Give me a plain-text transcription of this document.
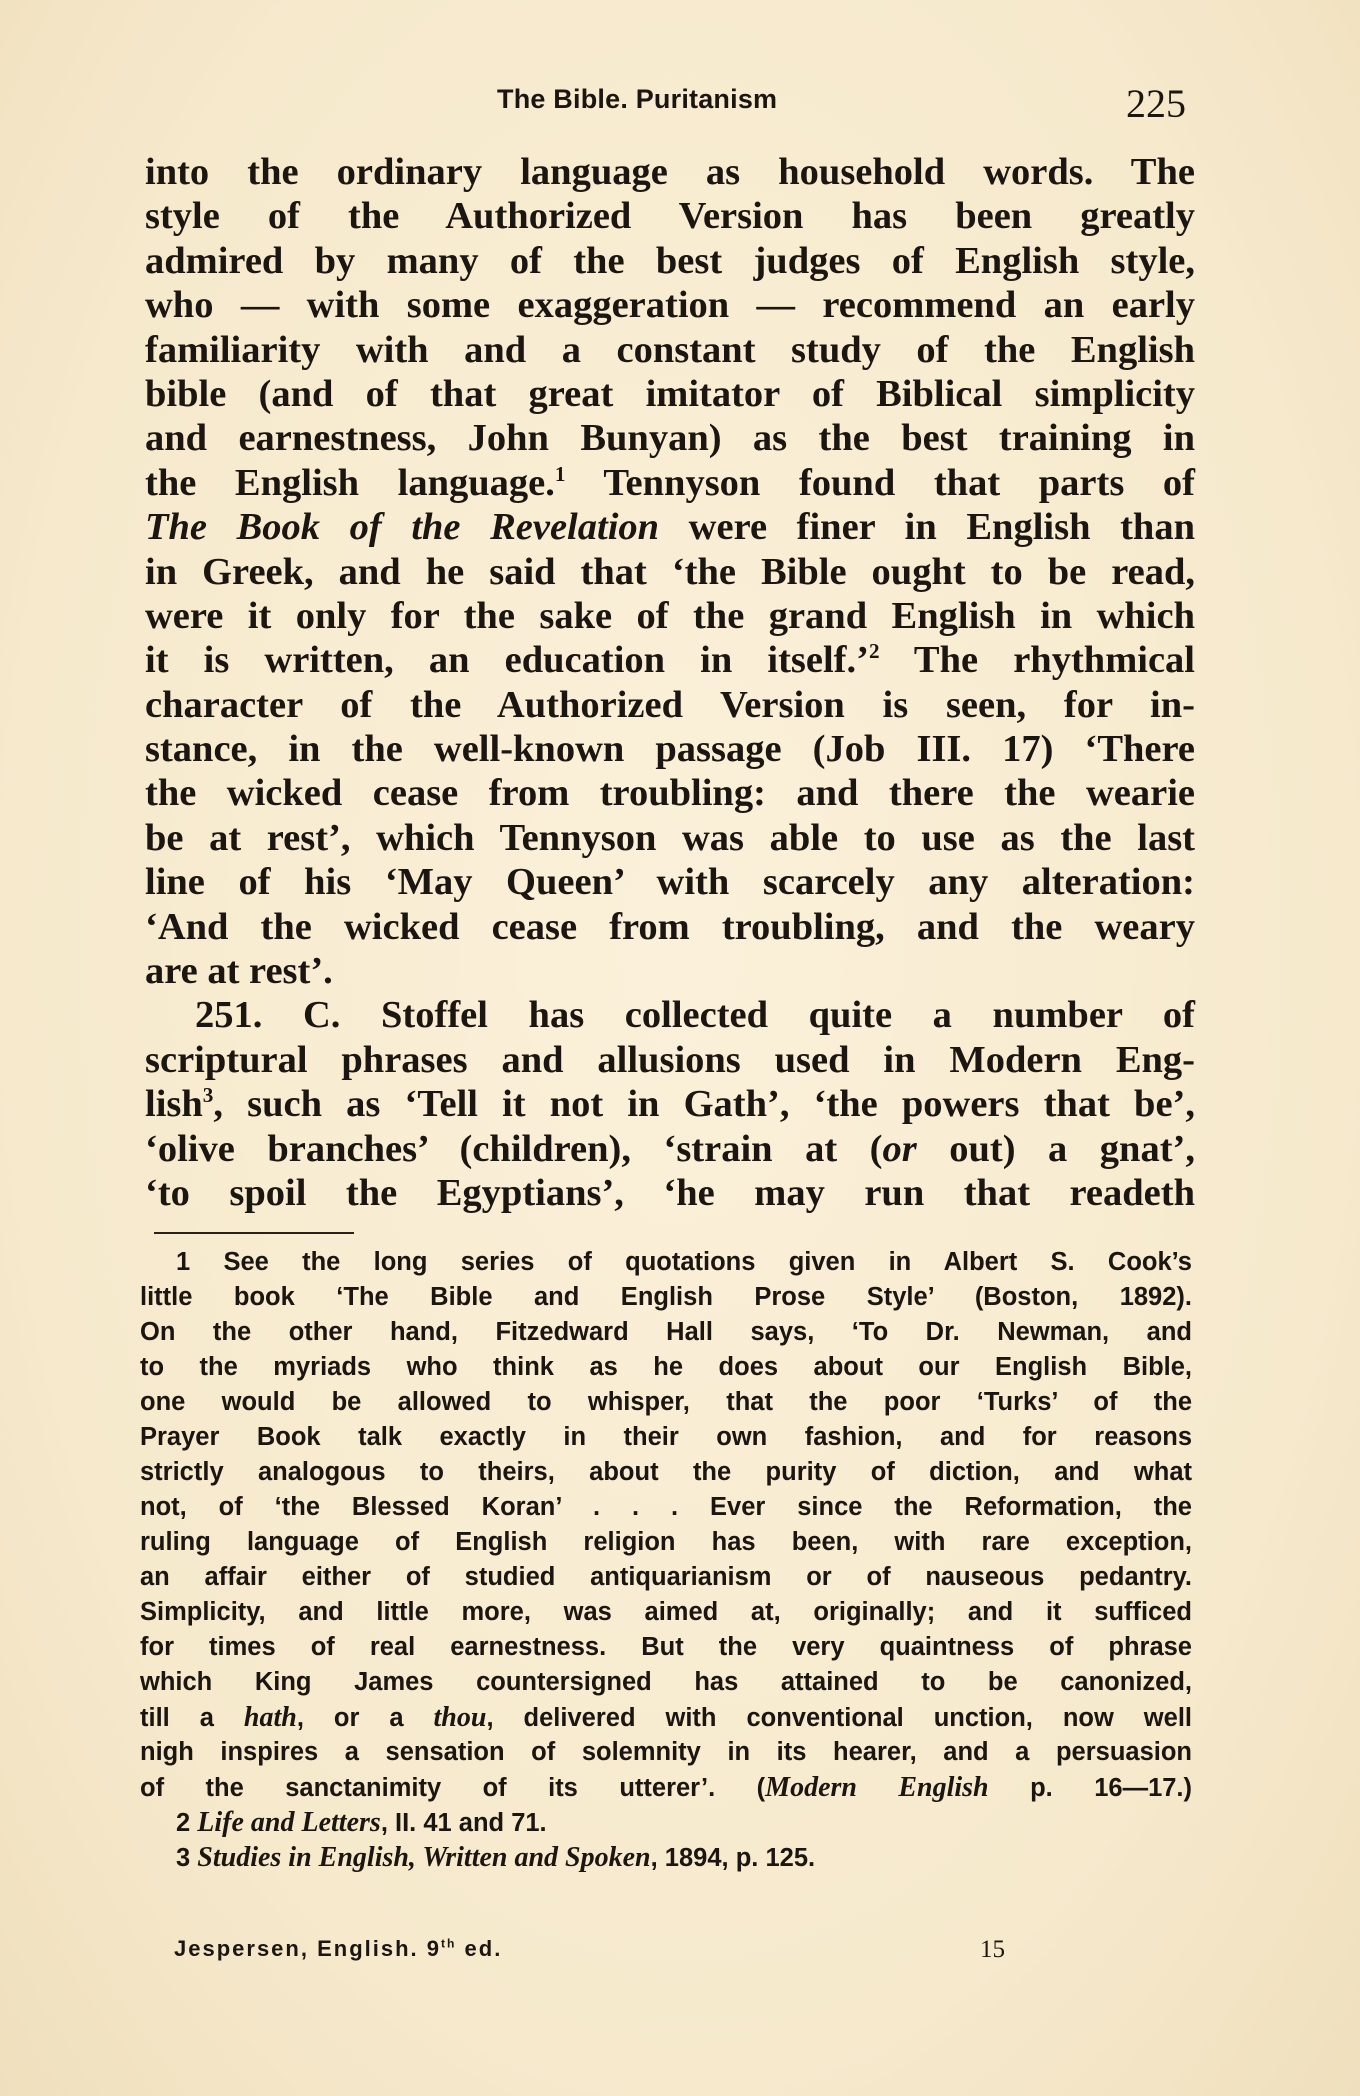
The Bible. Puritanism	225
into the ordinary language as household words. The
style of the Authorized Version has been greatly
admired by many of the best judges of English style,
who — with some exaggeration — recommend an early
familiarity with and a constant study of the English
bible (and of that great imitator of Biblical simplicity
and earnestness, John Bunyan) as the best training in
the English language.$^1$ Tennyson found that parts of
The Book of the Revelation were finer in English than
in Greek, and he said that ‘the Bible ought to be read,
were it only for the sake of the grand English in which
it is written, an education in itself.’$^2$ The rhythmical
character of the Authorized Version is seen, for in-
stance, in the well-known passage (Job III. 17) ‘There
the wicked cease from troubling: and there the wearie
be at rest’, which Tennyson was able to use as the last
line of his ‘May Queen’ with scarcely any alteration:
‘And the wicked cease from troubling, and the weary
are at rest’.
251. C. Stoffel has collected quite a number of
scriptural phrases and allusions used in Modern Eng-
lish$^3$, such as ‘Tell it not in Gath’, ‘the powers that be’,
‘olive branches’ (children), ‘strain at (or out) a gnat’,
‘to spoil the Egyptians’, ‘he may run that readeth
1 See the long series of quotations given in Albert S. Cook’s
little book ‘The Bible and English Prose Style’ (Boston, 1892).
On the other hand, Fitzedward Hall says, ‘To Dr. Newman, and
to the myriads who think as he does about our English Bible,
one would be allowed to whisper, that the poor ‘Turks’ of the
Prayer Book talk exactly in their own fashion, and for reasons
strictly analogous to theirs, about the purity of diction, and what
not, of ‘the Blessed Koran’ . . . Ever since the Reformation, the
ruling language of English religion has been, with rare exception,
an affair either of studied antiquarianism or of nauseous pedantry.
Simplicity, and little more, was aimed at, originally; and it sufficed
for times of real earnestness. But the very quaintness of phrase
which King James countersigned has attained to be canonized,
till a hath, or a thou, delivered with conventional unction, now well
nigh inspires a sensation of solemnity in its hearer, and a persuasion
of the sanctanimity of its utterer’. (Modern English p. 16—17.)
2 Life and Letters, II. 41 and 71.
3 Studies in English, Written and Spoken, 1894, p. 125.
Jespersen, English. 9th ed.	15
